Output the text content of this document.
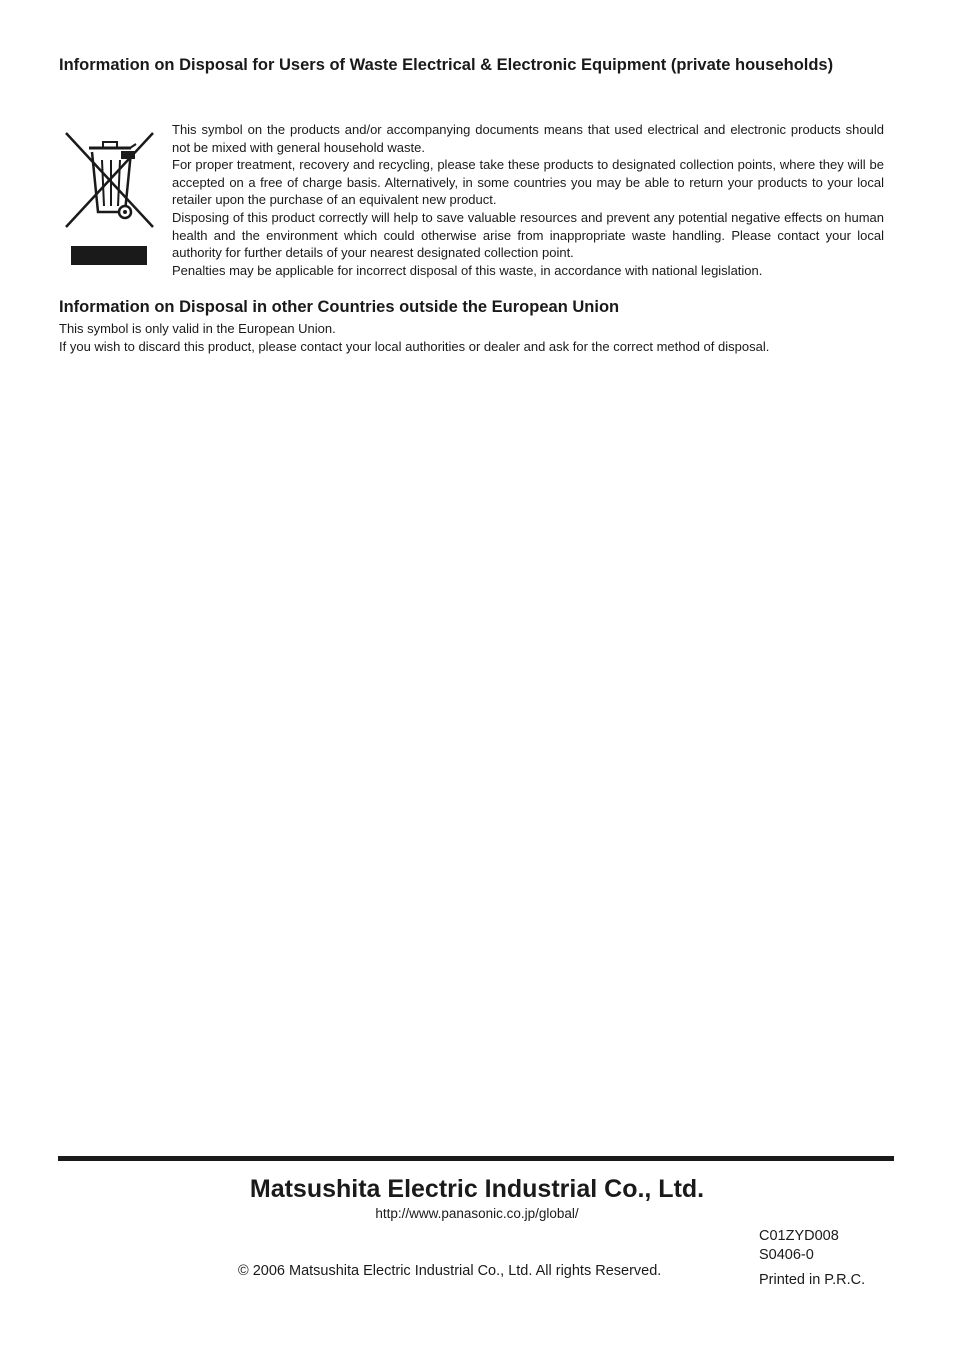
Information on Disposal for Users of Waste Electrical & Electronic Equipment (private households)

This symbol on the products and/or accompanying documents means that used electrical and electronic products should not be mixed with general household waste.

For proper treatment, recovery and recycling, please take these products to designated collection points, where they will be accepted on a free of charge basis. Alternatively, in some countries you may be able to return your products to your local retailer upon the purchase of an equivalent new product.

Disposing of this product correctly will help to save valuable resources and prevent any potential negative effects on human health and the environment which could otherwise arise from inappropriate waste handling. Please contact your local authority for further details of your nearest designated collection point.

Penalties may be applicable for incorrect disposal of this waste, in accordance with national legislation.

Information on Disposal in other Countries outside the European Union

This symbol is only valid in the European Union.

If you wish to discard this product, please contact your local authorities or dealer and ask for the correct method of disposal.

Matsushita Electric Industrial Co., Ltd.
http://www.panasonic.co.jp/global/
© 2006 Matsushita Electric Industrial Co., Ltd. All rights Reserved.
C01ZYD008
S0406-0
Printed in P.R.C.
